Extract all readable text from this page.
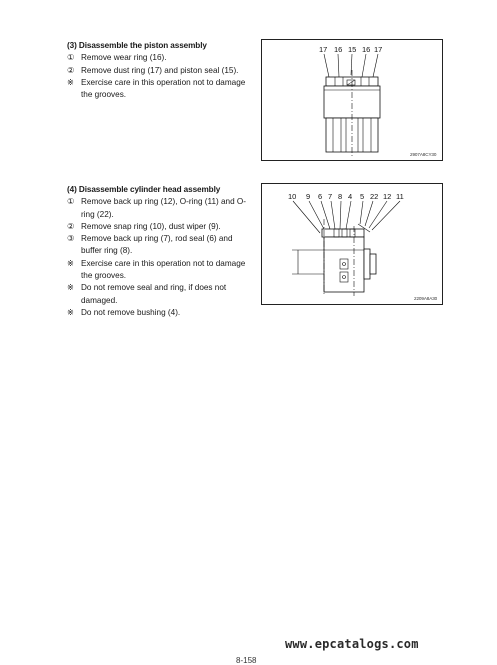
(3) Disassemble the piston assembly
① Remove wear ring (16).
② Remove dust ring (17) and piston seal (15).
※ Exercise care in this operation not to damage the grooves.
17 16 15 16 17
2907A8CY30
(4) Disassemble cylinder head assembly
① Remove back up ring (12), O-ring (11) and O-ring (22).
② Remove snap ring (10), dust wiper (9).
③ Remove back up ring (7), rod seal (6) and buffer ring (8).
※ Exercise care in this operation not to damage the grooves.
※ Do not remove seal and ring, if does not damaged.
※ Do not remove bushing (4).
10 9 6 7 8 4 5 22 12 11
2209A8A30
www.epcatalogs.com
8-158
